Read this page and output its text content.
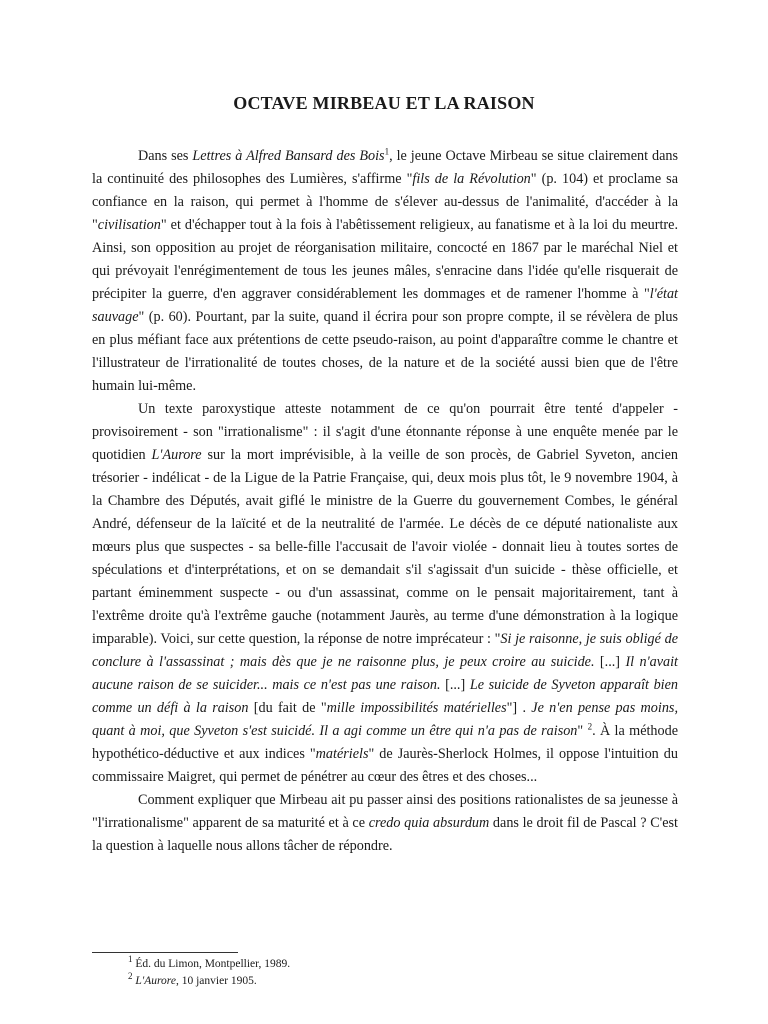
OCTAVE MIRBEAU ET LA RAISON

Dans ses Lettres à Alfred Bansard des Bois$^1$, le jeune Octave Mirbeau se situe clairement dans la continuité des philosophes des Lumières, s'affirme "fils de la Révolution" (p. 104) et proclame sa confiance en la raison, qui permet à l'homme de s'élever au-dessus de l'animalité, d'accéder à la "civilisation" et d'échapper tout à la fois à l'abêtissement religieux, au fanatisme et à la loi du meurtre. Ainsi, son opposition au projet de réorganisation militaire, concocté en 1867 par le maréchal Niel et qui prévoyait l'enrégimentement de tous les jeunes mâles, s'enracine dans l'idée qu'elle risquerait de précipiter la guerre, d'en aggraver considérablement les dommages et de ramener l'homme à "l'état sauvage" (p. 60). Pourtant, par la suite, quand il écrira pour son propre compte, il se révèlera de plus en plus méfiant face aux prétentions de cette pseudo-raison, au point d'apparaître comme le chantre et l'illustrateur de l'irrationalité de toutes choses, de la nature et de la société aussi bien que de l'être humain lui-même.

Un texte paroxystique atteste notamment de ce qu'on pourrait être tenté d'appeler - provisoirement - son "irrationalisme" : il s'agit d'une étonnante réponse à une enquête menée par le quotidien L'Aurore sur la mort imprévisible, à la veille de son procès, de Gabriel Syveton, ancien trésorier - indélicat - de la Ligue de la Patrie Française, qui, deux mois plus tôt, le 9 novembre 1904, à la Chambre des Députés, avait giflé le ministre de la Guerre du gouvernement Combes, le général André, défenseur de la laïcité et de la neutralité de l'armée. Le décès de ce député nationaliste aux mœurs plus que suspectes - sa belle-fille l'accusait de l'avoir violée - donnait lieu à toutes sortes de spéculations et d'interprétations, et on se demandait s'il s'agissait d'un suicide - thèse officielle, et partant éminemment suspecte - ou d'un assassinat, comme on le pensait majoritairement, tant à l'extrême droite qu'à l'extrême gauche (notamment Jaurès, au terme d'une démonstration à la logique imparable). Voici, sur cette question, la réponse de notre imprécateur : "Si je raisonne, je suis obligé de conclure à l'assassinat ; mais dès que je ne raisonne plus, je peux croire au suicide. [...] Il n'avait aucune raison de se suicider... mais ce n'est pas une raison. [...] Le suicide de Syveton apparaît bien comme un défi à la raison [du fait de "mille impossibilités matérielles"] . Je n'en pense pas moins, quant à moi, que Syveton s'est suicidé. Il a agi comme un être qui n'a pas de raison" $^2$. À la méthode hypothético-déductive et aux indices "matériels" de Jaurès-Sherlock Holmes, il oppose l'intuition du commissaire Maigret, qui permet de pénétrer au cœur des êtres et des choses...

Comment expliquer que Mirbeau ait pu passer ainsi des positions rationalistes de sa jeunesse à "l'irrationalisme" apparent de sa maturité et à ce credo quia absurdum dans le droit fil de Pascal ? C'est la question à laquelle nous allons tâcher de répondre.

$^1$ Éd. du Limon, Montpellier, 1989.
$^2$ L'Aurore, 10 janvier 1905.
